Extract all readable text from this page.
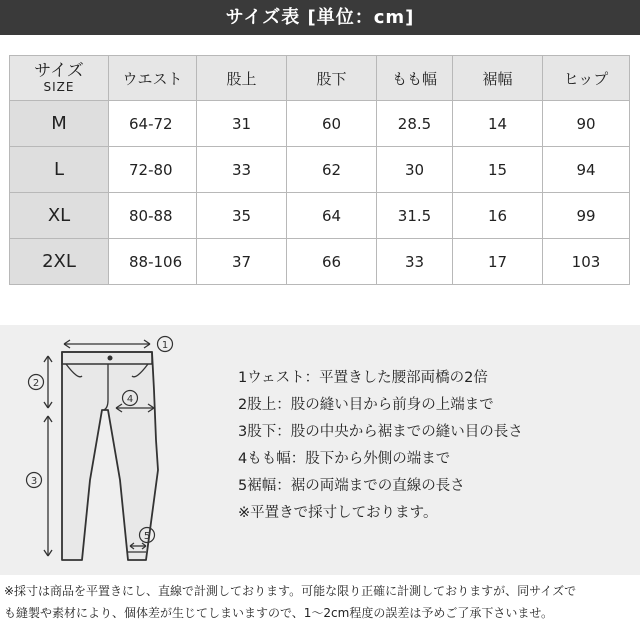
サイズ表 [単位：cm]
サイズ
SIZE	ウエスト	股上	股下	もも幅	裾幅	ヒップ
M	64-72	31	60	28.5	14	90
L	72-80	33	62	30	15	94
XL	80-88	35	64	31.5	16	99
2XL	88-106	37	66	33	17	103
1
2
3
4
5
1ウェスト：平置きした腰部両橋の2倍
2股上：股の縫い目から前身の上端まで
3股下：股の中央から裾までの縫い目の長さ
4もも幅：股下から外側の端まで
5裾幅：裾の両端までの直線の長さ
※平置きで採寸しております。
※採寸は商品を平置きにし、直線で計測しております。可能な限り正確に計測しておりますが、同サイズで
も縫製や素材により、個体差が生じてしまいますので、1〜2cm程度の誤差は予めご了承下さいませ。
